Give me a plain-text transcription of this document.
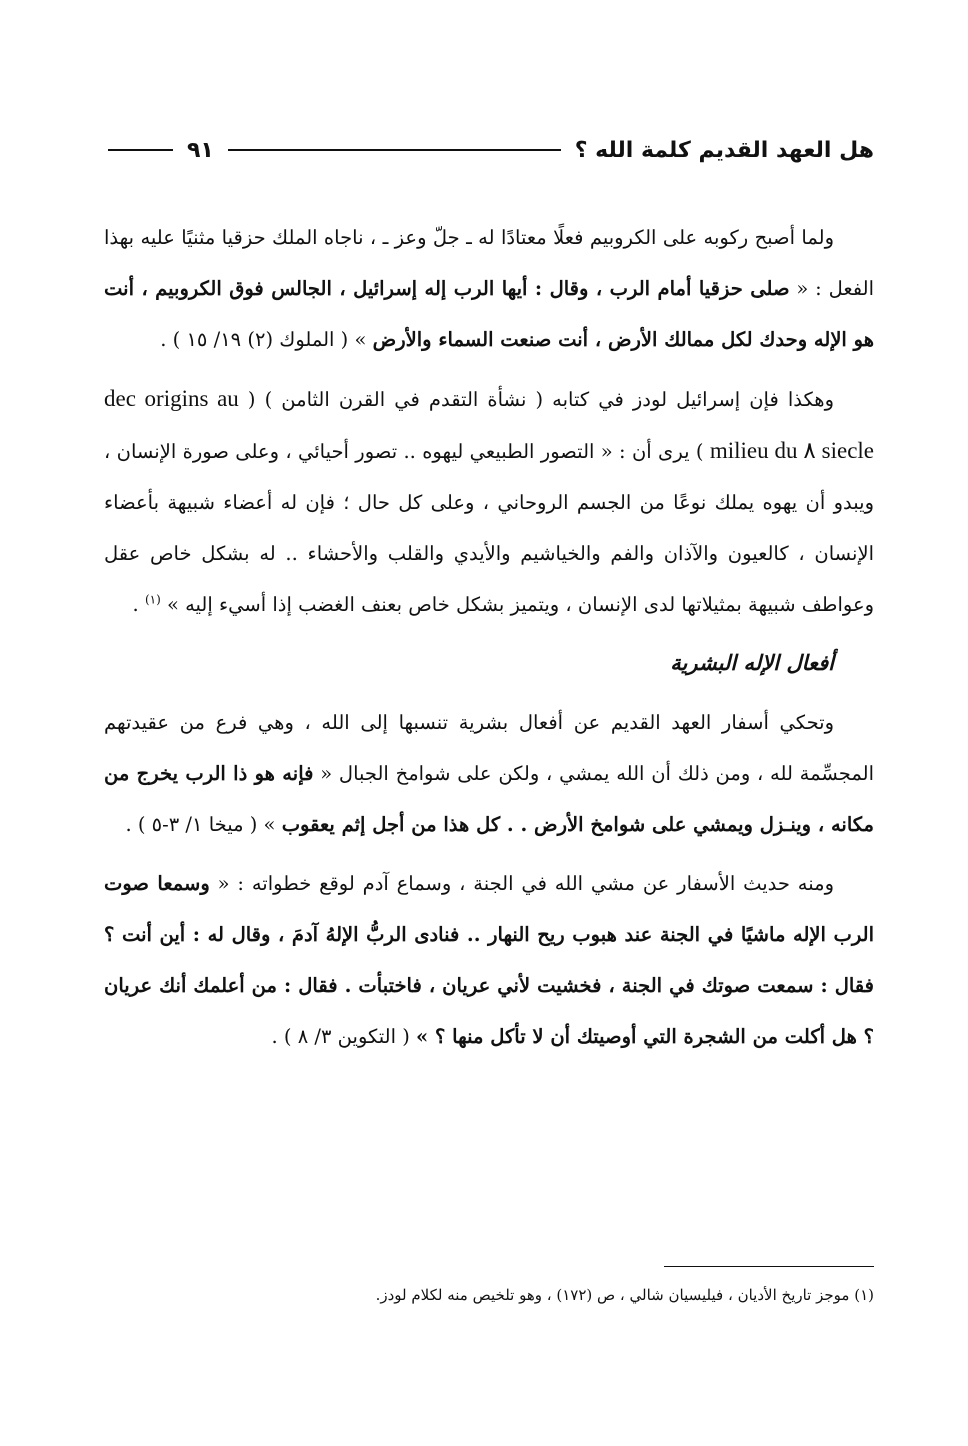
هل العهد القديم كلمة الله ؟
٩١

ولما أصبح ركوبه على الكروبيم فعلًا معتادًا له ـ جلّ وعز ـ ، ناجاه الملك حزقيا مثنيًا عليه بهذا الفعل : « صلى حزقيا أمام الرب ، وقال : أيها الرب إله إسرائيل ، الجالس فوق الكروبيم ، أنت هو الإله وحدك لكل ممالك الأرض ، أنت صنعت السماء والأرض » ( الملوك (٢) ١٩/ ١٥ ) .

وهكذا فإن إسرائيل لودز في كتابه ( نشأة التقدم في القرن الثامن ) ( dec origins au milieu du ٨ siecle ) يرى أن : « التصور الطبيعي ليهوه .. تصور أحيائي ، وعلى صورة الإنسان ، ويبدو أن يهوه يملك نوعًا من الجسم الروحاني ، وعلى كل حال ؛ فإن له أعضاء شبيهة بأعضاء الإنسان ، كالعيون والآذان والفم والخياشيم والأيدي والقلب والأحشاء .. له بشكل خاص عقل وعواطف شبيهة بمثيلاتها لدى الإنسان ، ويتميز بشكل خاص بعنف الغضب إذا أسيء إليه » $^{(١)}$ .

أفعال الإله البشرية

وتحكي أسفار العهد القديم عن أفعال بشرية تنسبها إلى الله ، وهي فرع من عقيدتهم المجسِّمة لله ، ومن ذلك أن الله يمشي ، ولكن على شوامخ الجبال « فإنه هو ذا الرب يخرج من مكانه ، وينـزل ويمشي على شوامخ الأرض . . كل هذا من أجل إثم يعقوب » ( ميخا ١/ ٣-٥ ) .

ومنه حديث الأسفار عن مشي الله في الجنة ، وسماع آدم لوقع خطواته : « وسمعا صوت الرب الإله ماشيًا في الجنة عند هبوب ريح النهار .. فنادى الربُّ الإلهُ آدمَ ، وقال له : أين أنت ؟ فقال : سمعت صوتك في الجنة ، فخشيت لأني عريان ، فاختبأت . فقال : من أعلمك أنك عريان ؟ هل أكلت من الشجرة التي أوصيتك أن لا تأكل منها ؟ » ( التكوين ٣/ ٨ ) .

(١) موجز تاريخ الأديان ، فيليسيان شالي ، ص (١٧٢) ، وهو تلخيص منه لكلام لودز.
